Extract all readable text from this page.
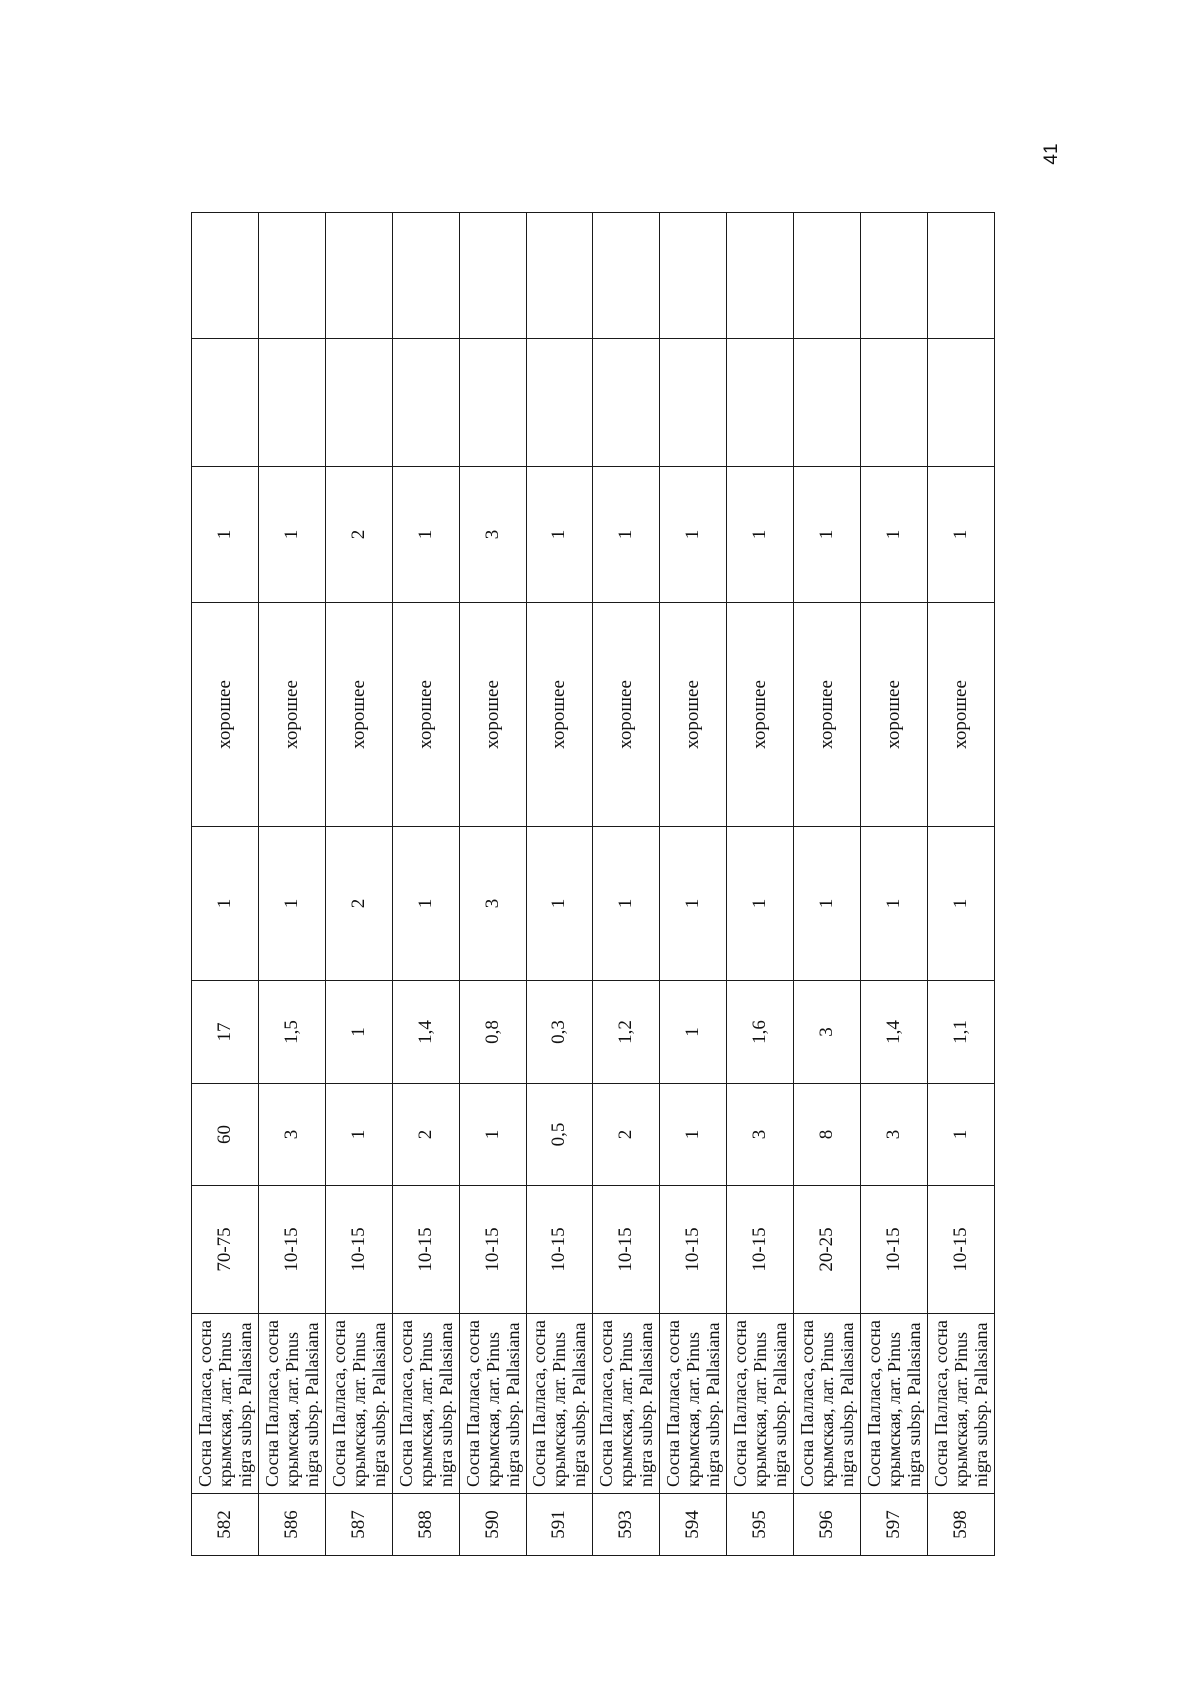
41
582	Сосна Палласа, сосна крымская, лат. Pinus nigra subsp. Pallasiana	70-75	60	17	1	хорошее	1		
586	Сосна Палласа, сосна крымская, лат. Pinus nigra subsp. Pallasiana	10-15	3	1,5	1	хорошее	1		
587	Сосна Палласа, сосна крымская, лат. Pinus nigra subsp. Pallasiana	10-15	1	1	2	хорошее	2		
588	Сосна Палласа, сосна крымская, лат. Pinus nigra subsp. Pallasiana	10-15	2	1,4	1	хорошее	1		
590	Сосна Палласа, сосна крымская, лат. Pinus nigra subsp. Pallasiana	10-15	1	0,8	3	хорошее	3		
591	Сосна Палласа, сосна крымская, лат. Pinus nigra subsp. Pallasiana	10-15	0,5	0,3	1	хорошее	1		
593	Сосна Палласа, сосна крымская, лат. Pinus nigra subsp. Pallasiana	10-15	2	1,2	1	хорошее	1		
594	Сосна Палласа, сосна крымская, лат. Pinus nigra subsp. Pallasiana	10-15	1	1	1	хорошее	1		
595	Сосна Палласа, сосна крымская, лат. Pinus nigra subsp. Pallasiana	10-15	3	1,6	1	хорошее	1		
596	Сосна Палласа, сосна крымская, лат. Pinus nigra subsp. Pallasiana	20-25	8	3	1	хорошее	1		
597	Сосна Палласа, сосна крымская, лат. Pinus nigra subsp. Pallasiana	10-15	3	1,4	1	хорошее	1		
598	Сосна Палласа, сосна крымская, лат. Pinus nigra subsp. Pallasiana	10-15	1	1,1	1	хорошее	1		
